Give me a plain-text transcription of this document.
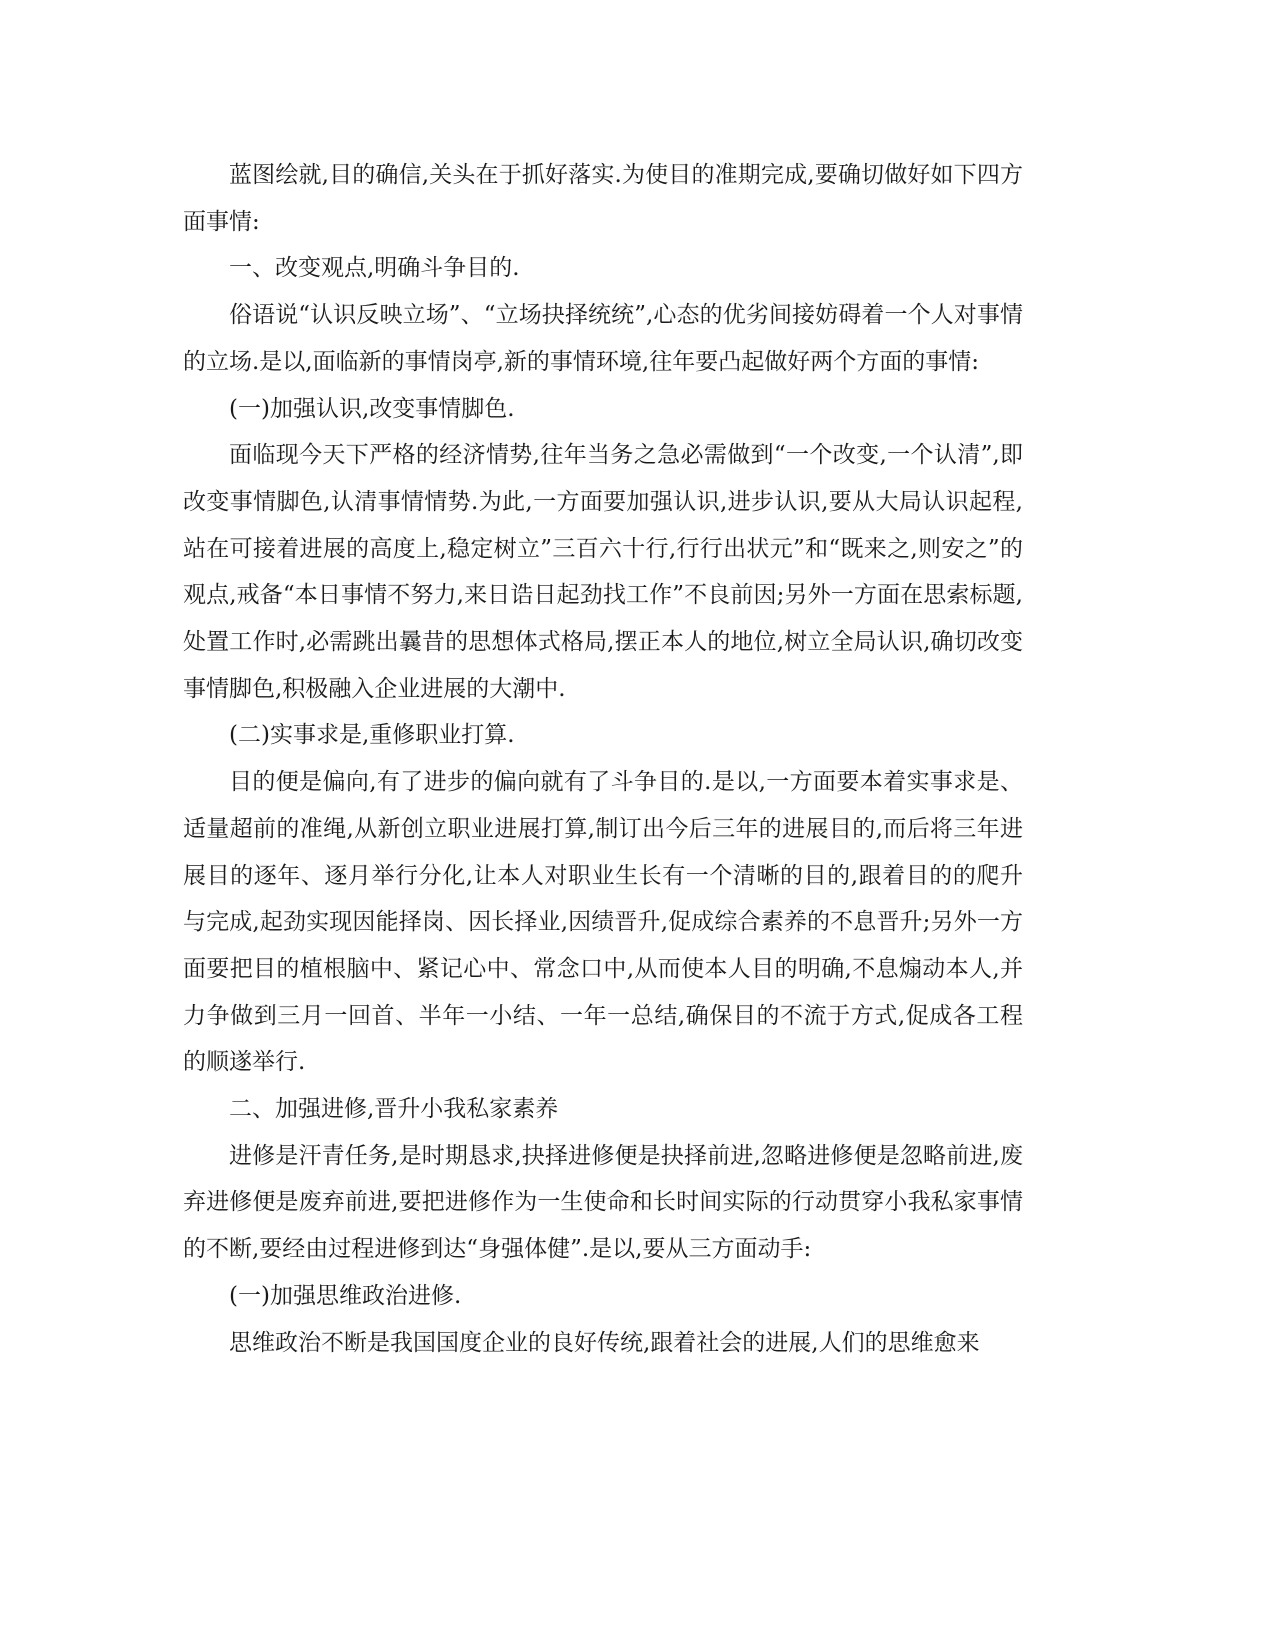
蓝图绘就,目的确信,关头在于抓好落实.为使目的准期完成,要确切做好如下四方面事情:

一、改变观点,明确斗争目的.

俗语说“认识反映立场”、“立场抉择统统”,心态的优劣间接妨碍着一个人对事情的立场.是以,面临新的事情岗亭,新的事情环境,往年要凸起做好两个方面的事情:

(一)加强认识,改变事情脚色.

面临现今天下严格的经济情势,往年当务之急必需做到“一个改变,一个认清”,即改变事情脚色,认清事情情势.为此,一方面要加强认识,进步认识,要从大局认识起程,站在可接着进展的高度上,稳定树立”三百六十行,行行出状元”和“既来之,则安之”的观点,戒备“本日事情不努力,来日诰日起劲找工作”不良前因;另外一方面在思索标题,处置工作时,必需跳出曩昔的思想体式格局,摆正本人的地位,树立全局认识,确切改变事情脚色,积极融入企业进展的大潮中.

(二)实事求是,重修职业打算.

目的便是偏向,有了进步的偏向就有了斗争目的.是以,一方面要本着实事求是、适量超前的准绳,从新创立职业进展打算,制订出今后三年的进展目的,而后将三年进展目的逐年、逐月举行分化,让本人对职业生长有一个清晰的目的,跟着目的的爬升与完成,起劲实现因能择岗、因长择业,因绩晋升,促成综合素养的不息晋升;另外一方面要把目的植根脑中、紧记心中、常念口中,从而使本人目的明确,不息煽动本人,并力争做到三月一回首、半年一小结、一年一总结,确保目的不流于方式,促成各工程的顺遂举行.

二、加强进修,晋升小我私家素养

进修是汗青任务,是时期恳求,抉择进修便是抉择前进,忽略进修便是忽略前进,废弃进修便是废弃前进,要把进修作为一生使命和长时间实际的行动贯穿小我私家事情的不断,要经由过程进修到达“身强体健”.是以,要从三方面动手:

(一)加强思维政治进修.

思维政治不断是我国国度企业的良好传统,跟着社会的进展,人们的思维愈来
